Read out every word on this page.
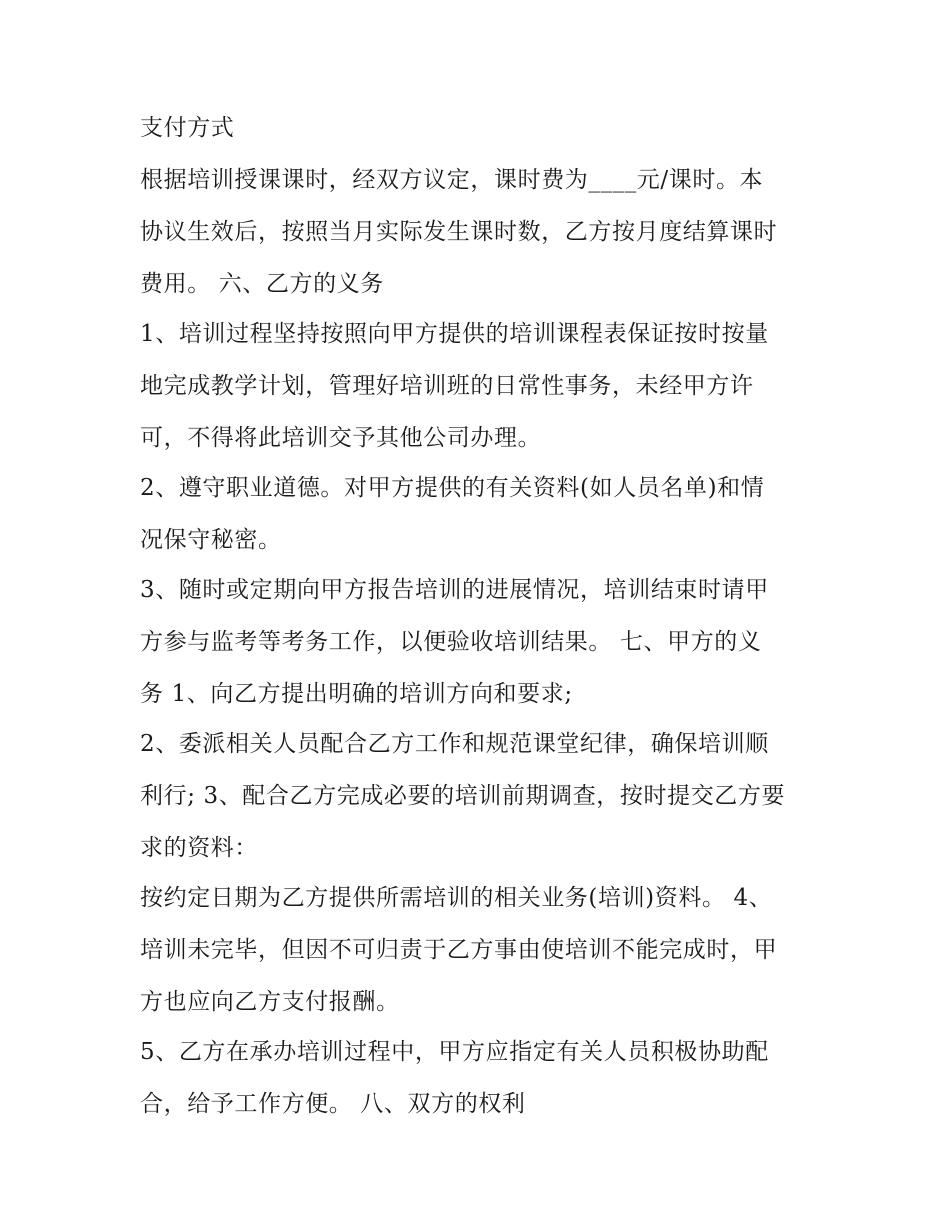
支付方式
根据培训授课课时，经双方议定，课时费为____元/课时。本
协议生效后，按照当月实际发生课时数，乙方按月度结算课时
费用。 六、乙方的义务
1、培训过程坚持按照向甲方提供的培训课程表保证按时按量
地完成教学计划，管理好培训班的日常性事务，未经甲方许
可，不得将此培训交予其他公司办理。
2、遵守职业道德。对甲方提供的有关资料(如人员名单)和情
况保守秘密。
3、随时或定期向甲方报告培训的进展情况，培训结束时请甲
方参与监考等考务工作，以便验收培训结果。 七、甲方的义
务 1、向乙方提出明确的培训方向和要求;
2、委派相关人员配合乙方工作和规范课堂纪律，确保培训顺
利行; 3、配合乙方完成必要的培训前期调查，按时提交乙方要
求的资料：
按约定日期为乙方提供所需培训的相关业务(培训)资料。 4、
培训未完毕，但因不可归责于乙方事由使培训不能完成时，甲
方也应向乙方支付报酬。
5、乙方在承办培训过程中，甲方应指定有关人员积极协助配
合，给予工作方便。 八、双方的权利
